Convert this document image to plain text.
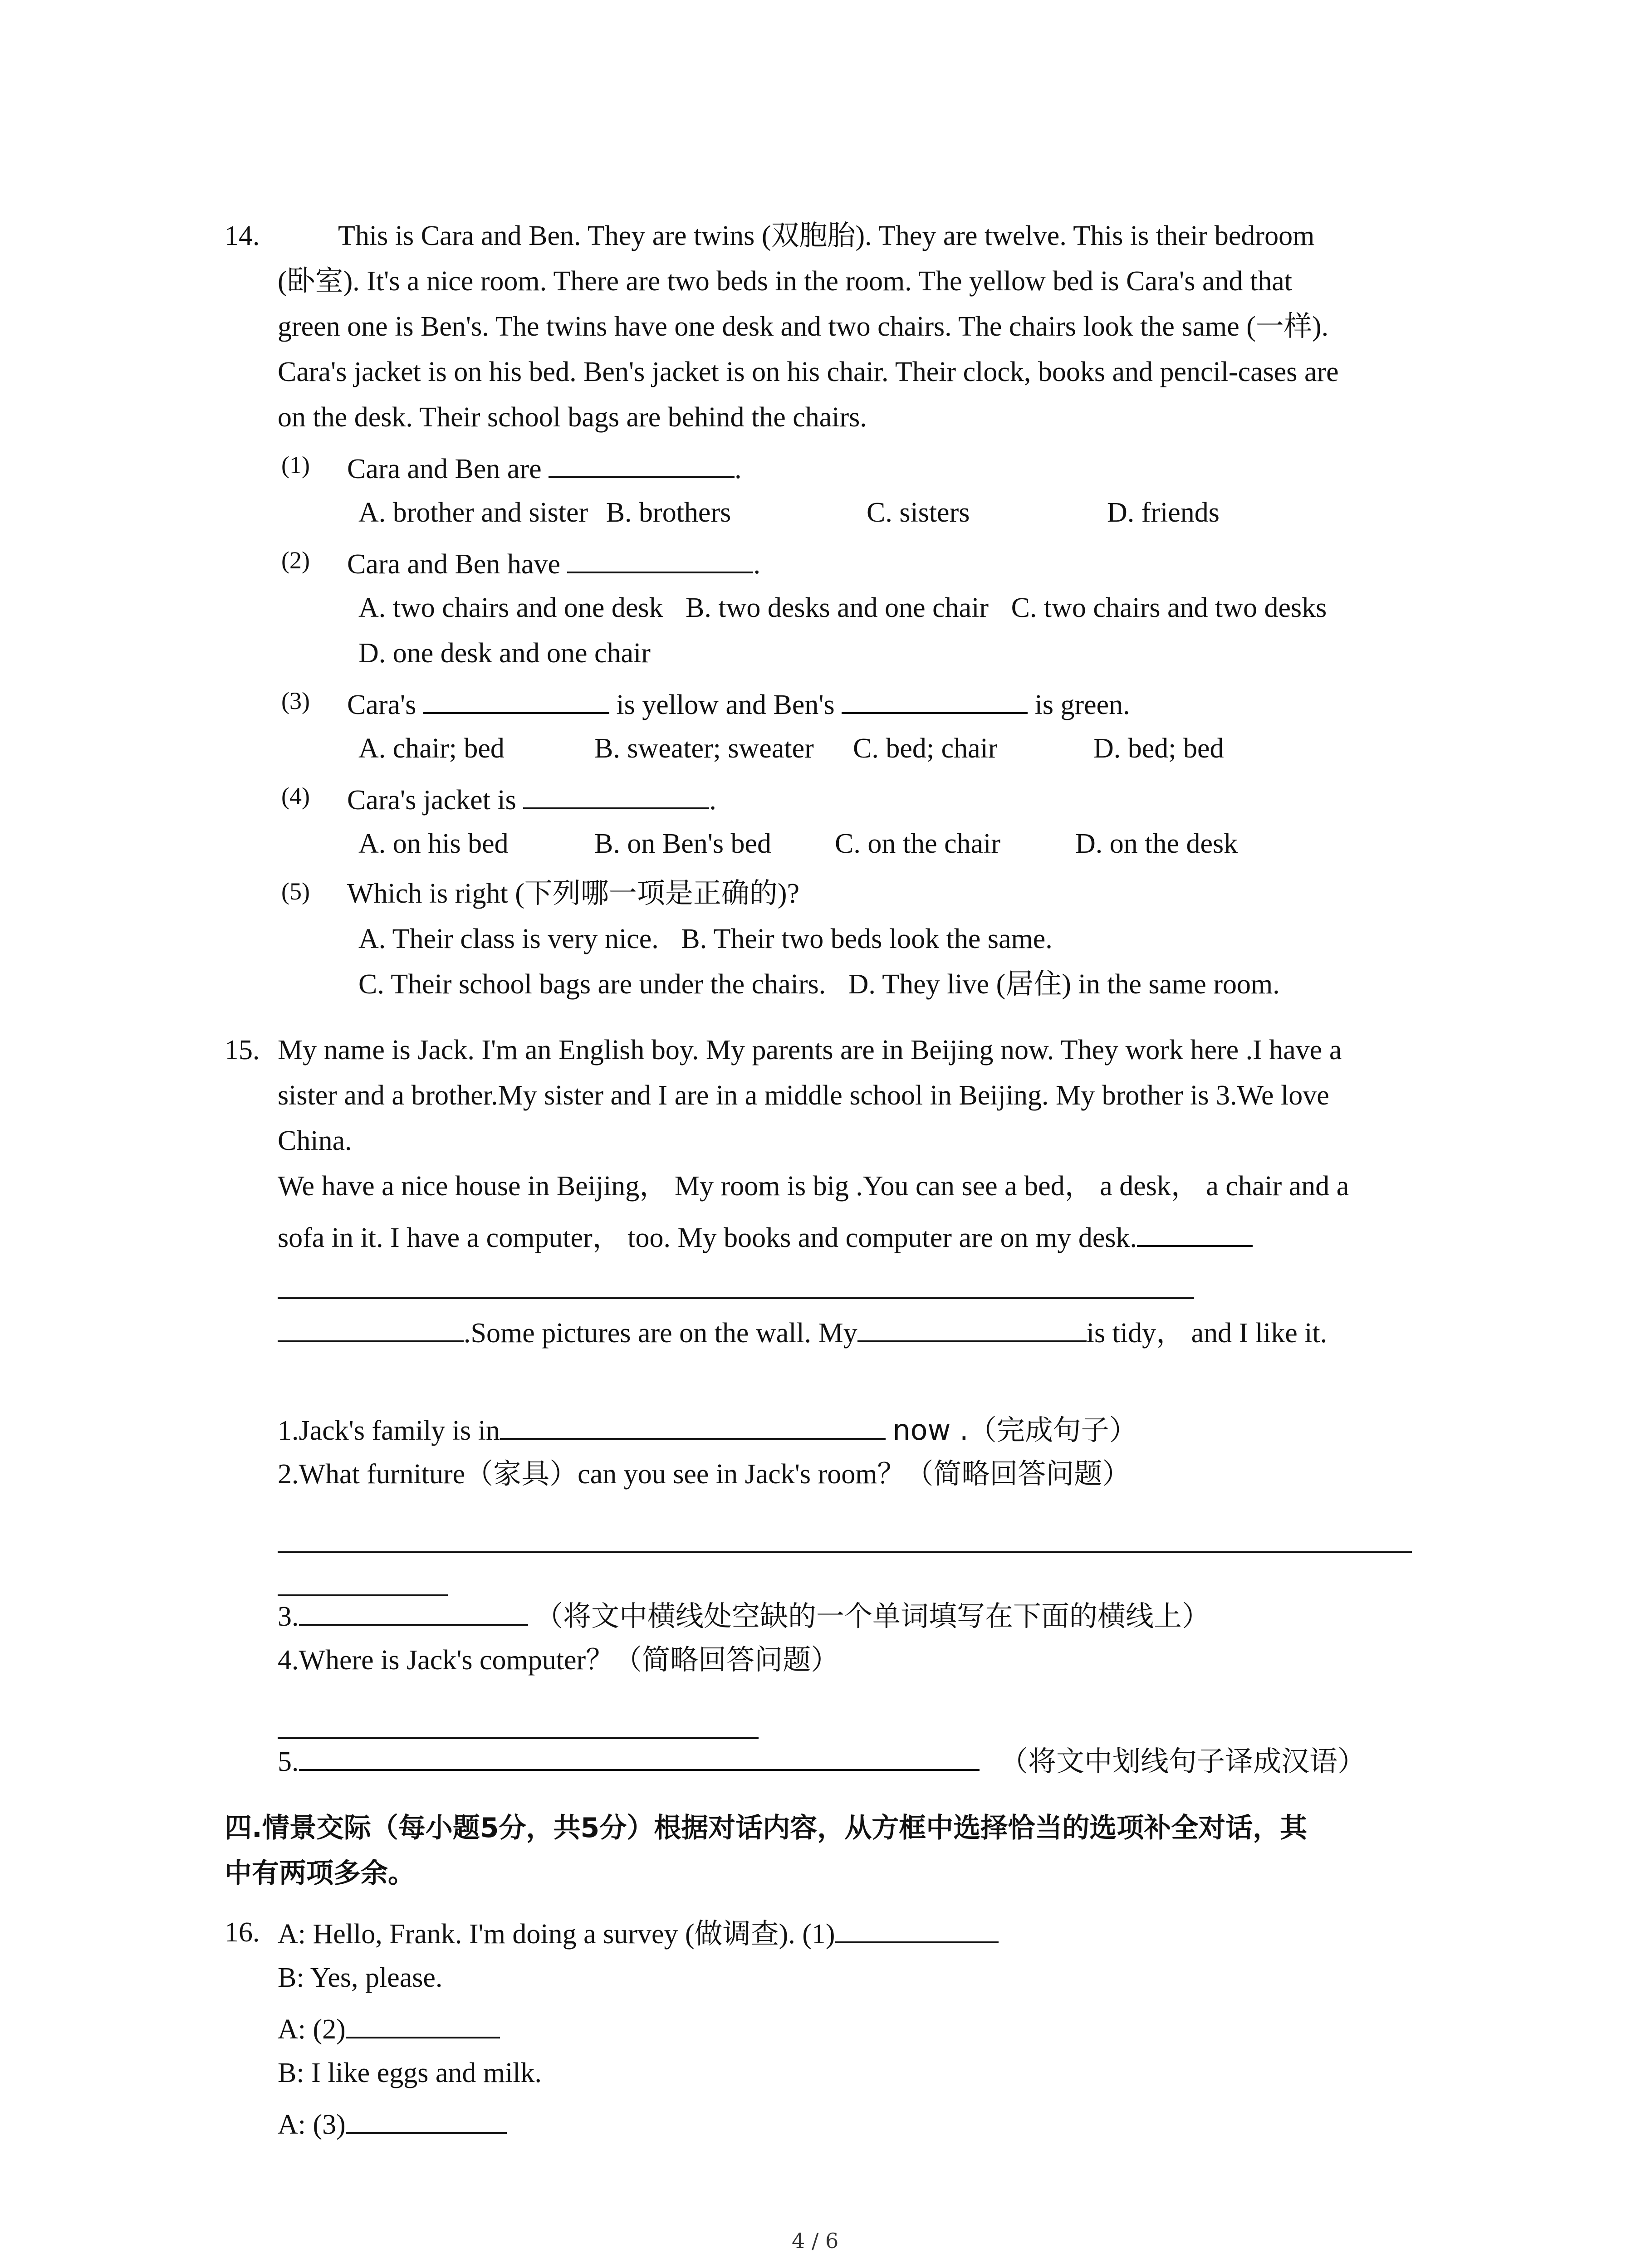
14.	This is Cara and Ben. They are twins (双胞胎). They are twelve. This is their bedroom
(卧室). It's a nice room. There are two beds in the room. The yellow bed is Cara's and that
green one is Ben's. The twins have one desk and two chairs. The chairs look the same (一样).
Cara's jacket is on his bed. Ben's jacket is on his chair. Their clock, books and pencil-cases are
on the desk. Their school bags are behind the chairs.
(1) Cara and Ben are	.
A. brother and sister B. brothers	C. sisters	D. friends
(2) Cara and Ben have	.
A. two chairs and one desk B. two desks and one chair C. two chairs and two desks
D. one desk and one chair
(3) Cara's	is yellow and Ben's	is green.
A. chair; bed	B. sweater; sweater C. bed; chair	D. bed; bed
(4) Cara's jacket is	.
A. on his bed	B. on Ben's bed C. on the chair	D. on the desk
(5) Which is right (下列哪一项是正确的)?
A. Their class is very nice. B. Their two beds look the same.
C. Their school bags are under the chairs. D. They live (居住) in the same room.
15. My name is Jack. I'm an English boy. My parents are in Beijing now. They work here .I have a
sister and a brother.My sister and I are in a middle school in Beijing. My brother is 3.We love
China.
We have a nice house in Beijing， My room is big .You can see a bed， a desk， a chair and a
sofa in it. I have a computer， too. My books and computer are on my desk.
.Some pictures are on the wall. My	is tidy， and I like it.
1.Jack's family is in	now .（完成句子）
2.What furniture（家具）can you see in Jack's room？（简略回答问题）
3.	（将文中横线处空缺的一个单词填写在下面的横线上）
4.Where is Jack's computer？（简略回答问题）
5.	（将文中划线句子译成汉语）
四.情景交际（每小题5分，共5分）根据对话内容，从方框中选择恰当的选项补全对话，其
中有两项多余。
16. A: Hello, Frank. I'm doing a survey (做调查). (1)
B: Yes, please.
A: (2)
B: I like eggs and milk.
A: (3)
4 / 6
